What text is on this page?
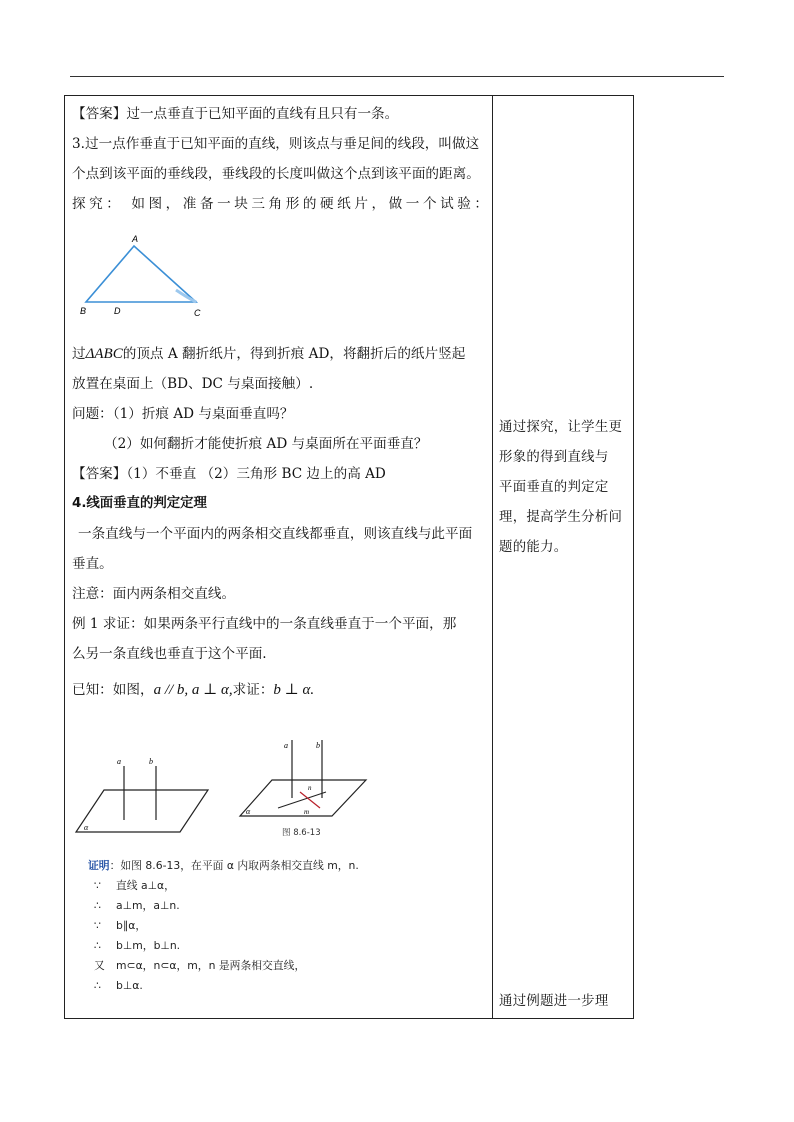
【答案】过一点垂直于已知平面的直线有且只有一条。
3.过一点作垂直于已知平面的直线，则该点与垂足间的线段，叫做这
个点到该平面的垂线段，垂线段的长度叫做这个点到该平面的距离。
探究： 如图，准备一块三角形的硬纸片，做一个试验：
过ΔABC的顶点 A 翻折纸片，得到折痕 AD，将翻折后的纸片竖起
放置在桌面上（BD、DC 与桌面接触）.
问题：（1）折痕 AD 与桌面垂直吗？
（2）如何翻折才能使折痕 AD 与桌面所在平面垂直？
【答案】（1）不垂直 （2）三角形 BC 边上的高 AD
4.线面垂直的判定定理
一条直线与一个平面内的两条相交直线都垂直，则该直线与此平面
垂直。
注意：面内两条相交直线。
例 1 求证：如果两条平行直线中的一条直线垂直于一个平面，那
么另一条直线也垂直于这个平面.
已知：如图，a // b, a ⊥ α,求证：b ⊥ α.
A
B	D	C
a	b
α
a	b
n
m
α
图 8.6-13
证明：如图 8.6-13，在平面 α 内取两条相交直线 m，n.
∵ 直线 a⊥α，
∴ a⊥m，a⊥n.
∵ b∥α，
∴ b⊥m，b⊥n.
又 m⊂α，n⊂α，m，n 是两条相交直线，
∴ b⊥α.
通过探究，让学生更
形象的得到直线与
平面垂直的判定定
理，提高学生分析问
题的能力。
通过例题进一步理
